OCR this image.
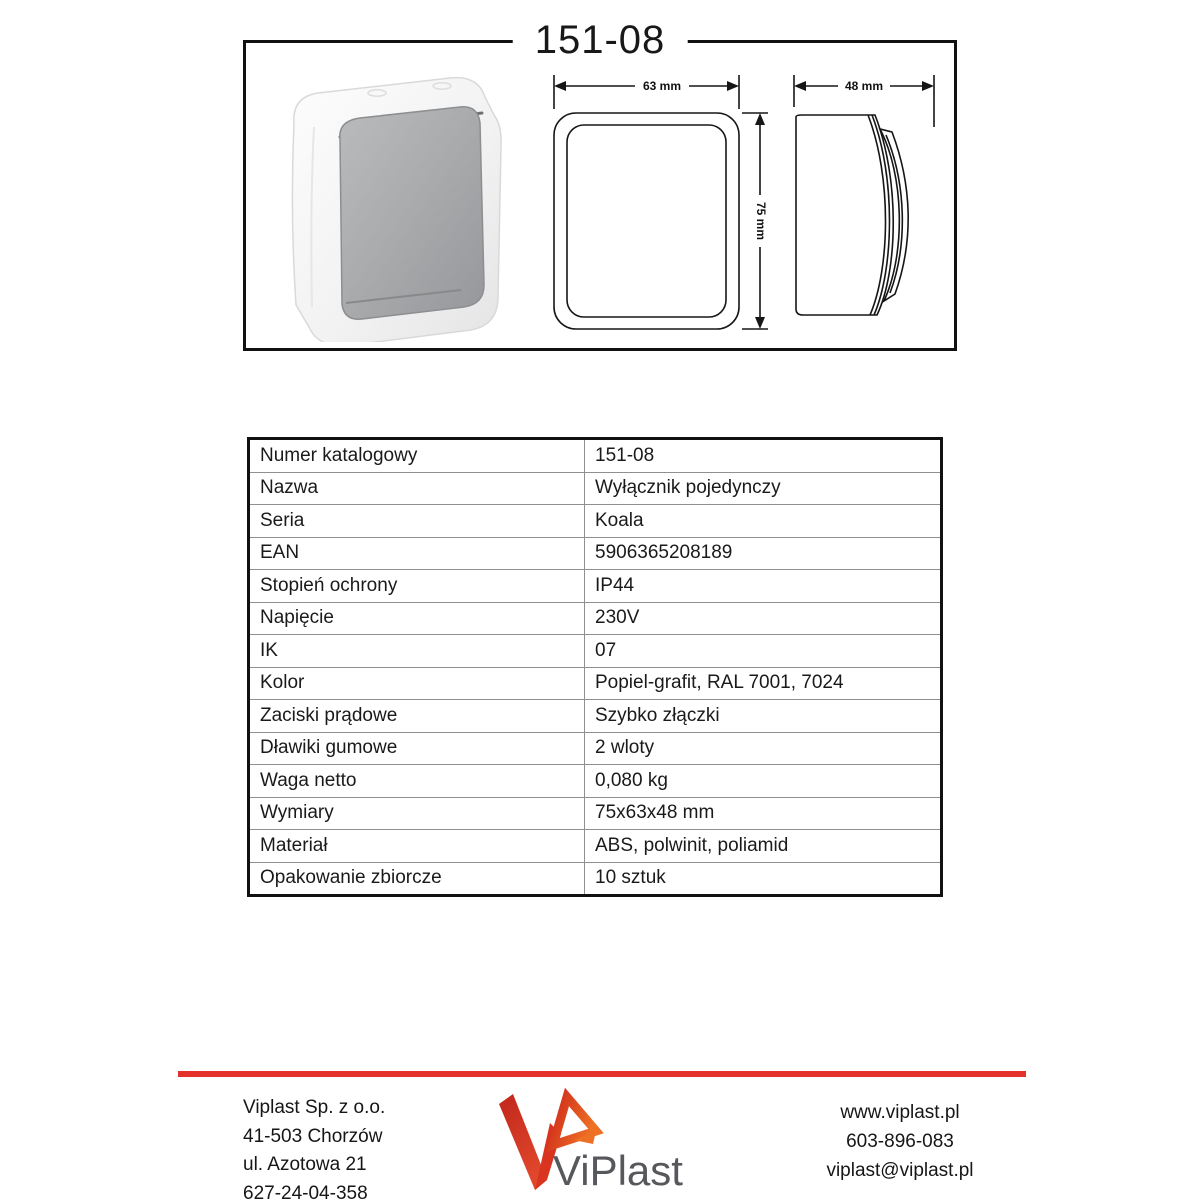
151-08
63 mm
75 mm
48 mm
Numer katalogowy	151-08
Nazwa	Wyłącznik pojedynczy
Seria	Koala
EAN	5906365208189
Stopień ochrony	IP44
Napięcie	230V
IK	07
Kolor	Popiel-grafit, RAL 7001, 7024
Zaciski prądowe	Szybko złączki
Dławiki gumowe	2 wloty
Waga netto	0,080 kg
Wymiary	75x63x48 mm
Materiał	ABS, polwinit, poliamid
Opakowanie zbiorcze	10 sztuk
Viplast Sp. z o.o.
41-503 Chorzów
ul. Azotowa 21
627-24-04-358	ViPlast
www.viplast.pl
603-896-083
viplast@viplast.pl
